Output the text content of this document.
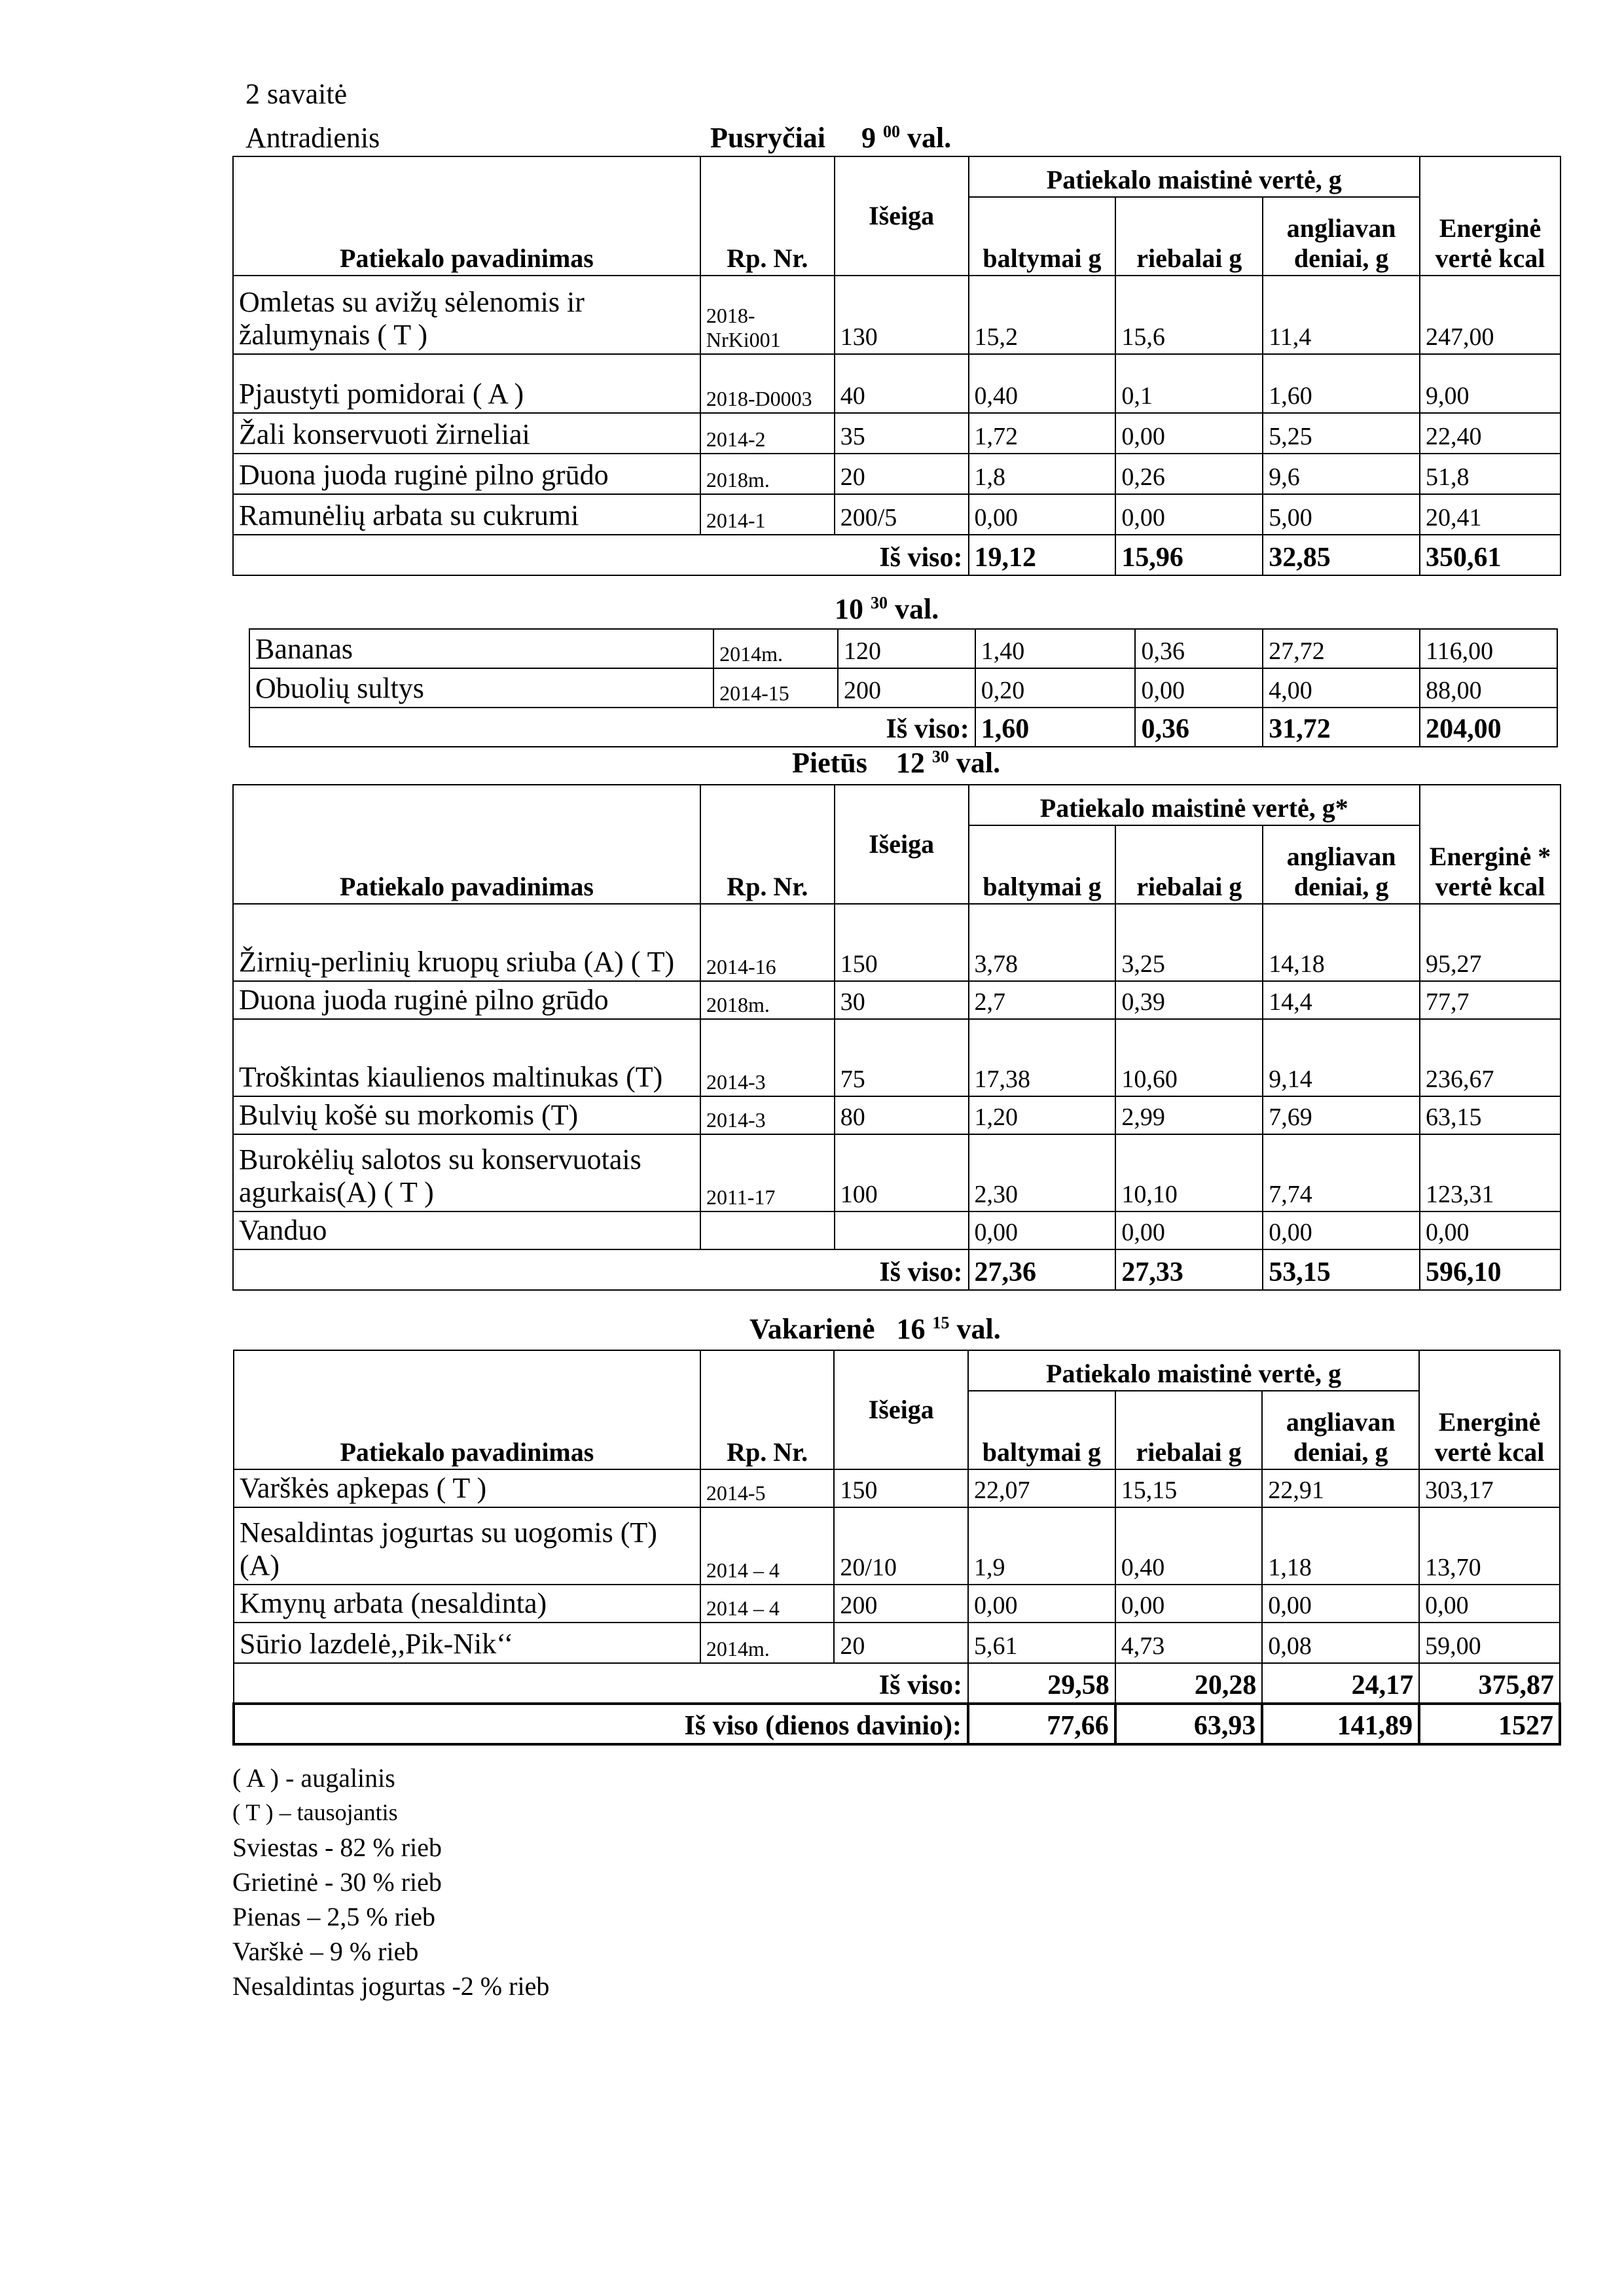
2 savaitė
Antradienis	Pusryčiai 9 $^{00}$ val.
Patiekalo pavadinimas	Rp. Nr.	Išeiga	Patiekalo maistinė vertė, g			Energinė vertė kcal
			baltymai g	riebalai g	angliavan deniai, g	
Omletas su avižų sėlenomis ir žalumynais ( T )	2018-NrKi001	130	15,2	15,6	11,4	247,00
Pjaustyti pomidorai ( A )	2018-D0003	40	0,40	0,1	1,60	9,00
Žali konservuoti žirneliai	2014-2	35	1,72	0,00	5,25	22,40
Duona juoda ruginė pilno grūdo	2018m.	20	1,8	0,26	9,6	51,8
Ramunėlių arbata su cukrumi	2014-1	200/5	0,00	0,00	5,00	20,41
Iš viso:			19,12	15,96	32,85	350,61
10 $^{30}$ val.
Bananas	2014m.	120	1,40	0,36	27,72	116,00
Obuolių sultys	2014-15	200	0,20	0,00	4,00	88,00
Iš viso:			1,60	0,36	31,72	204,00
Pietūs 12 $^{30}$ val.
Patiekalo pavadinimas	Rp. Nr.	Išeiga	Patiekalo maistinė vertė, g*			Energinė * vertė kcal
			baltymai g	riebalai g	angliavan deniai, g	
Žirnių-perlinių kruopų sriuba (A) ( T)	2014-16	150	3,78	3,25	14,18	95,27
Duona juoda ruginė pilno grūdo	2018m.	30	2,7	0,39	14,4	77,7
Troškintas kiaulienos maltinukas (T)	2014-3	75	17,38	10,60	9,14	236,67
Bulvių košė su morkomis (T)	2014-3	80	1,20	2,99	7,69	63,15
Burokėlių salotos su konservuotais agurkais(A) ( T )	2011-17	100	2,30	10,10	7,74	123,31
Vanduo			0,00	0,00	0,00	0,00
Iš viso:			27,36	27,33	53,15	596,10
Vakarienė 16 $^{15}$ val.
Patiekalo pavadinimas	Rp. Nr.	Išeiga	Patiekalo maistinė vertė, g			Energinė vertė kcal
			baltymai g	riebalai g	angliavan deniai, g	
Varškės apkepas ( T )	2014-5	150	22,07	15,15	22,91	303,17
Nesaldintas jogurtas su uogomis (T) (A)	2014 – 4	20/10	1,9	0,40	1,18	13,70
Kmynų arbata (nesaldinta)	2014 – 4	200	0,00	0,00	0,00	0,00
Sūrio lazdelė,,Pik-Nik‘‘	2014m.	20	5,61	4,73	0,08	59,00
Iš viso:			29,58	20,28	24,17	375,87
Iš viso (dienos davinio):			77,66	63,93	141,89	1527
( A ) - augalinis
( T ) – tausojantis
Sviestas - 82 % rieb
Grietinė - 30 % rieb
Pienas – 2,5 % rieb
Varškė – 9 % rieb
Nesaldintas jogurtas -2 % rieb
